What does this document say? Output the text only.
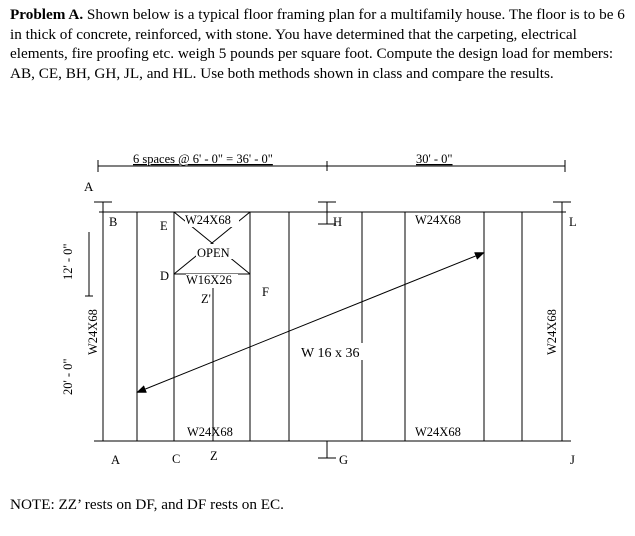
Problem A. Shown below is a typical floor framing plan for a multifamily house. The floor is to be 6 in thick of concrete, reinforced, with stone. You have determined that the carpeting, electrical elements, fire proofing etc. weigh 5 pounds per square foot. Compute the design load for members: AB, CE, BH, GH, JL, and HL. Use both methods shown in class and compare the results.

6 spaces @ 6' - 0" = 36' - 0"	30' - 0"
12' - 0"
20' - 0"
OPEN
W 16 x 36
A
B	E
D
F
Z'
H	L
A	C Z	G	J
W24X68	W24X68
W16X26
W24X68	W24X68
W24X68	W24X68

NOTE: ZZ’ rests on DF, and DF rests on EC.
